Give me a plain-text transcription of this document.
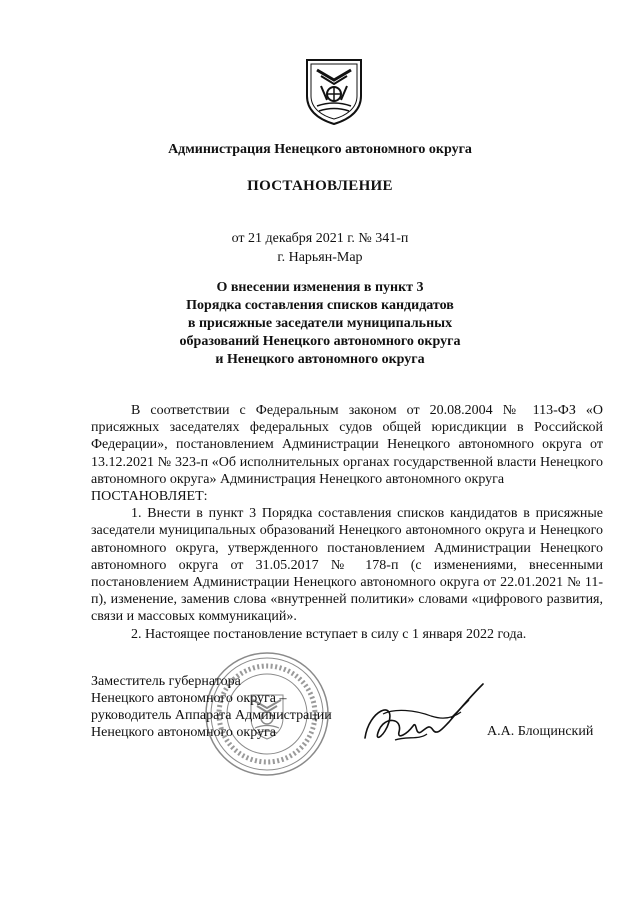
Администрация Ненецкого автономного округа
ПОСТАНОВЛЕНИЕ
от 21 декабря 2021 г. № 341-п
г. Нарьян-Мар
О внесении изменения в пункт 3
Порядка составления списков кандидатов
в присяжные заседатели муниципальных
образований Ненецкого автономного округа
и Ненецкого автономного округа

В соответствии с Федеральным законом от 20.08.2004 № 113-ФЗ «О присяжных заседателях федеральных судов общей юрисдикции в Российской Федерации», постановлением Администрации Ненецкого автономного округа от 13.12.2021 № 323-п «Об исполнительных органах государственной власти Ненецкого автономного округа» Администрация Ненецкого автономного округа

ПОСТАНОВЛЯЕТ:

1. Внести в пункт 3 Порядка составления списков кандидатов в присяжные заседатели муниципальных образований Ненецкого автономного округа и Ненецкого автономного округа, утвержденного постановлением Администрации Ненецкого автономного округа от 31.05.2017 № 178-п (с изменениями, внесенными постановлением Администрации Ненецкого автономного округа от 22.01.2021 № 11-п), изменение, заменив слова «внутренней политики» словами «цифрового развития, связи и массовых коммуникаций».

2. Настоящее постановление вступает в силу с 1 января 2022 года.

Заместитель губернатора
Ненецкого автономного округа –
руководитель Аппарата Администрации
Ненецкого автономного округа	А.А. Блощинский
